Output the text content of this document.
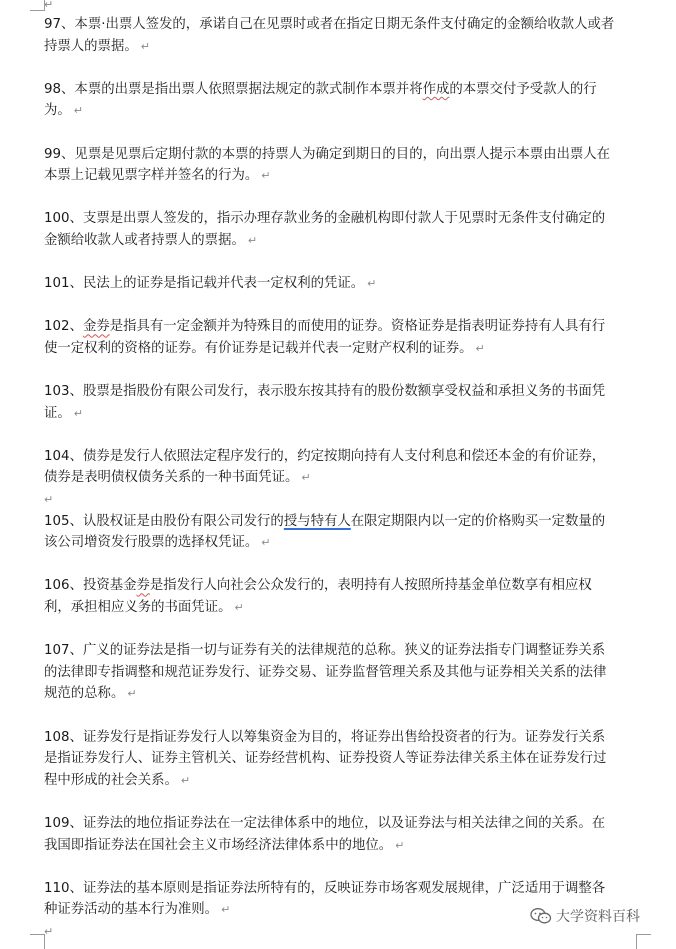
↵

97、本票·出票人签发的，承诺自己在见票时或者在指定日期无条件支付确定的金额给收款人或者持票人的票据。 ↵

98、本票的出票是指出票人依照票据法规定的款式制作本票并将作成的本票交付予受款人的行为。 ↵

99、见票是见票后定期付款的本票的持票人为确定到期日的目的，向出票人提示本票由出票人在本票上记载见票字样并签名的行为。 ↵

100、支票是出票人签发的，指示办理存款业务的金融机构即付款人于见票时无条件支付确定的金额给收款人或者持票人的票据。 ↵

101、民法上的证券是指记载并代表一定权利的凭证。 ↵

102、金券是指具有一定金额并为特殊目的而使用的证券。资格证券是指表明证券持有人具有行使一定权利的资格的证券。有价证券是记载并代表一定财产权利的证券。 ↵

103、股票是指股份有限公司发行，表示股东按其持有的股份数额享受权益和承担义务的书面凭证。 ↵

104、债券是发行人依照法定程序发行的，约定按期向持有人支付利息和偿还本金的有价证券，债券是表明债权债务关系的一种书面凭证。 ↵

↵

105、认股权证是由股份有限公司发行的授与特有人在限定期限内以一定的价格购买一定数量的该公司增资发行股票的选择权凭证。 ↵

106、投资基金券是指发行人向社会公众发行的，表明持有人按照所持基金单位数享有相应权利，承担相应义务的书面凭证。 ↵

107、广义的证券法是指一切与证券有关的法律规范的总称。狭义的证券法指专门调整证券关系的法律即专指调整和规范证券发行、证券交易、证券监督管理关系及其他与证券相关关系的法律规范的总称。 ↵

108、证券发行是指证券发行人以筹集资金为目的，将证券出售给投资者的行为。证券发行关系是指证券发行人、证券主管机关、证券经营机构、证券投资人等证券法律关系主体在证券发行过程中形成的社会关系。 ↵

109、证券法的地位指证券法在一定法律体系中的地位，以及证券法与相关法律之间的关系。在我国即指证券法在国社会主义市场经济法律体系中的地位。 ↵

110、证券法的基本原则是指证券法所特有的，反映证券市场客观发展规律，广泛适用于调整各种证券活动的基本行为准则。 ↵

↵
大学资料百科
